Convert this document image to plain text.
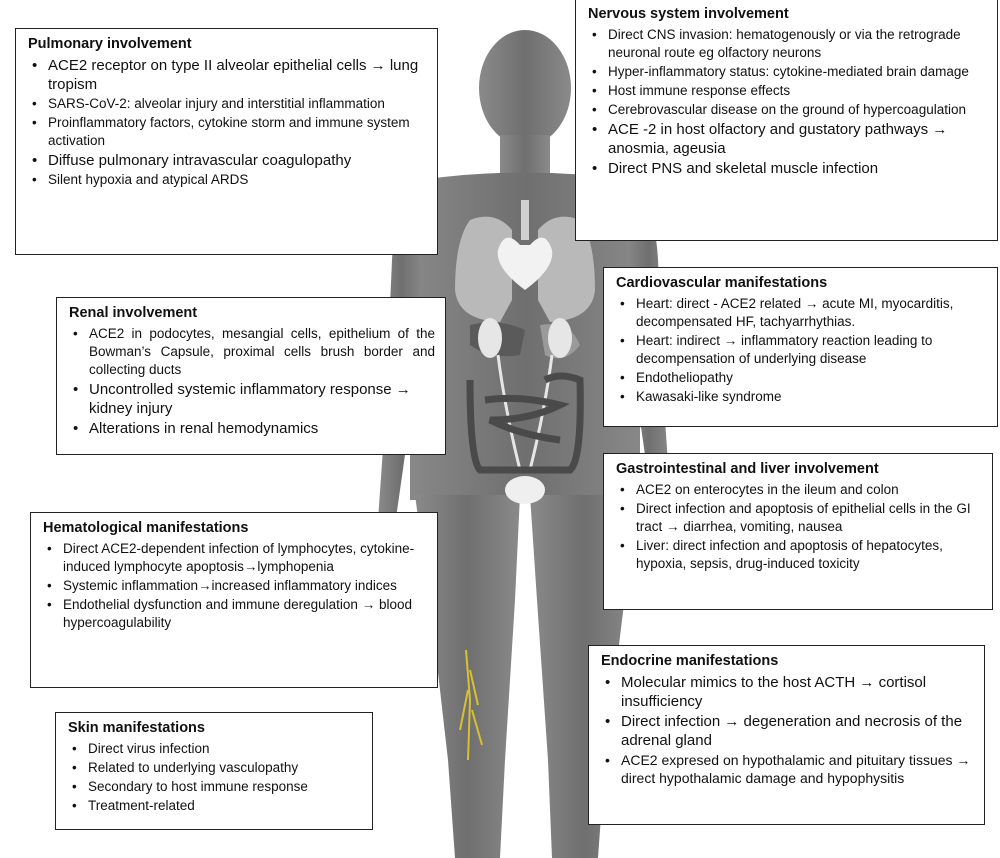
Pulmonary involvement
• ACE2 receptor on type II alveolar epithelial cells → lung tropism
• SARS-CoV-2: alveolar injury and interstitial inflammation
• Proinflammatory factors, cytokine storm and immune system activation
• Diffuse pulmonary intravascular coagulopathy
• Silent hypoxia and atypical ARDS
Nervous system involvement
• Direct CNS invasion: hematogenously or via the retrograde neuronal route eg olfactory neurons
• Hyper-inflammatory status: cytokine-mediated brain damage
• Host immune response effects
• Cerebrovascular disease on the ground of hypercoagulation
• ACE -2 in host olfactory and gustatory pathways → anosmia, ageusia
• Direct PNS and skeletal muscle infection
Renal involvement
• ACE2 in podocytes, mesangial cells, epithelium of the Bowman’s Capsule, proximal cells brush border and collecting ducts
• Uncontrolled systemic inflammatory response → kidney injury
• Alterations in renal hemodynamics
Cardiovascular manifestations
• Heart: direct - ACE2 related → acute MI, myocarditis, decompensated HF, tachyarrhythias.
• Heart: indirect → inflammatory reaction leading to decompensation of underlying disease
• Endotheliopathy
• Kawasaki-like syndrome
Gastrointestinal and liver involvement
• ACE2 on enterocytes in the ileum and colon
• Direct infection and apoptosis of epithelial cells in the GI tract → diarrhea, vomiting, nausea
• Liver: direct infection and apoptosis of hepatocytes, hypoxia, sepsis, drug-induced toxicity
Hematological manifestations
• Direct ACE2-dependent infection of lymphocytes, cytokine-induced lymphocyte apoptosis→lymphopenia
• Systemic inflammation→increased inflammatory indices
• Endothelial dysfunction and immune deregulation → blood hypercoagulability
Endocrine manifestations
• Molecular mimics to the host ACTH → cortisol insufficiency
• Direct infection → degeneration and necrosis of the adrenal gland
• ACE2 expresed on hypothalamic and pituitary tissues → direct hypothalamic damage and hypophysitis
Skin manifestations
• Direct virus infection
• Related to underlying vasculopathy
• Secondary to host immune response
• Treatment-related
